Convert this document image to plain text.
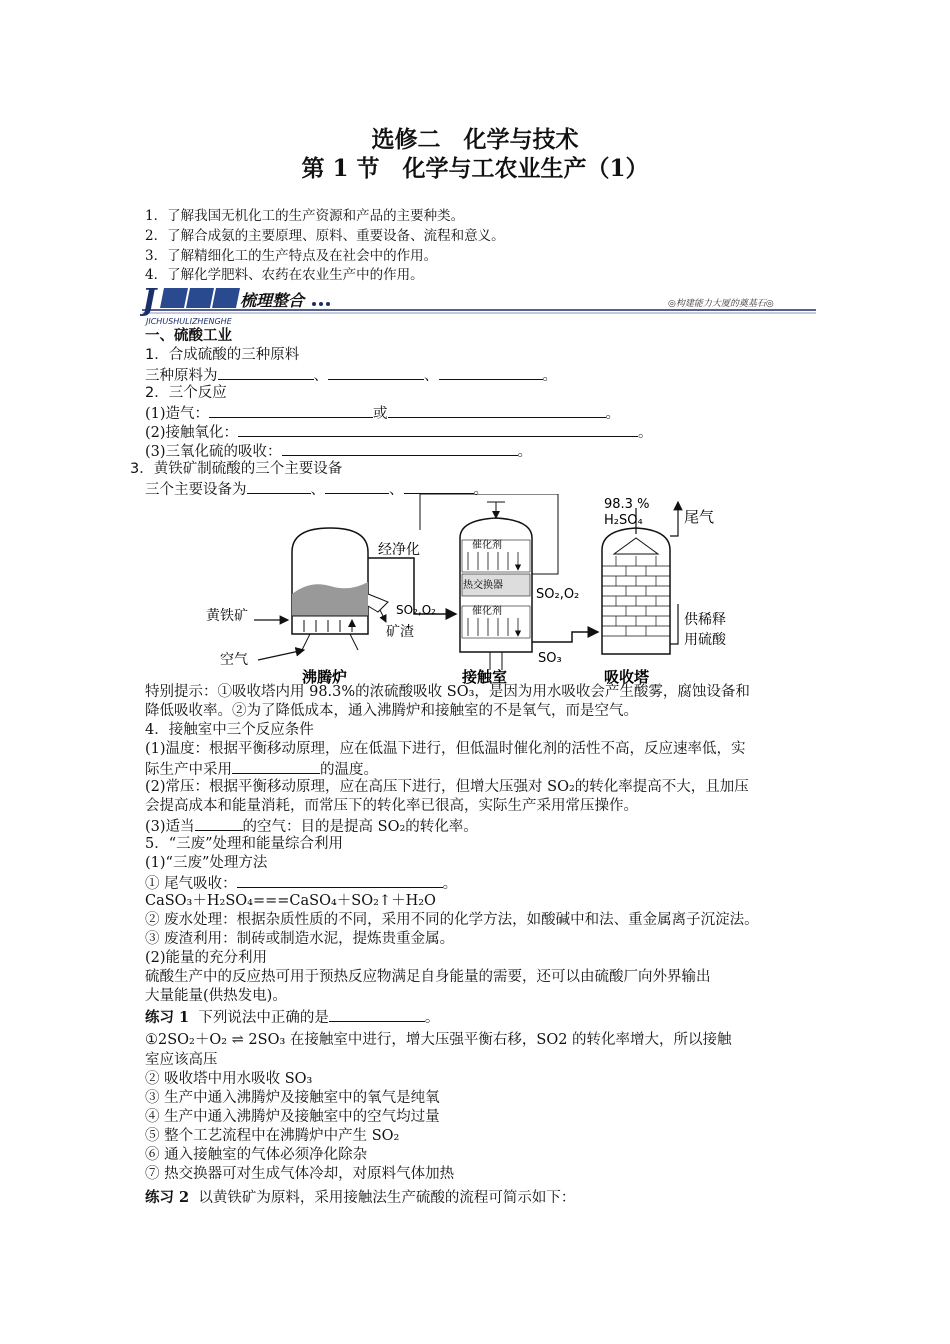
选修二　化学与技术
第 1 节　化学与工农业生产（1）
1．了解我国无机化工的生产资源和产品的主要种类。
2．了解合成氨的主要原理、原料、重要设备、流程和意义。
3．了解精细化工的生产特点及在社会中的作用。
4．了解化学肥料、农药在农业生产中的作用。
J	梳理整合
JICHUSHULIZHENGHE
◎构建能力大厦的奠基石◎
一、硫酸工业
1．合成硫酸的三种原料
三种原料为	、	、	。
2．三个反应
(1)造气：	或	。
(2)接触氧化：	。
(3)三氧化硫的吸收：	。
3．黄铁矿制硫酸的三个主要设备
三个主要设备为	、	、	。
黄铁矿
空气
矿渣
沸腾炉
经净化
SO₂,O₂
催化剂
热交换器
催化剂
SO₂,O₂
SO₃
接触室
98.3 %
H₂SO₄	尾气
供稀释
用硫酸
吸收塔
特别提示：①吸收塔内用 98.3%的浓硫酸吸收 SO₃，是因为用水吸收会产生酸雾，腐蚀设备和
降低吸收率。②为了降低成本，通入沸腾炉和接触室的不是氧气，而是空气。
4．接触室中三个反应条件
(1)温度：根据平衡移动原理，应在低温下进行，但低温时催化剂的活性不高，反应速率低，实
际生产中采用	的温度。
(2)常压：根据平衡移动原理，应在高压下进行，但增大压强对 SO₂的转化率提高不大，且加压
会提高成本和能量消耗，而常压下的转化率已很高，实际生产采用常压操作。
(3)适当	的空气：目的是提高 SO₂的转化率。
5．“三废”处理和能量综合利用
(1)“三废”处理方法
① 尾气吸收：	。
CaSO₃＋H₂SO₄===CaSO₄＋SO₂↑＋H₂O
② 废水处理：根据杂质性质的不同，采用不同的化学方法，如酸碱中和法、重金属离子沉淀法。
③ 废渣利用：制砖或制造水泥，提炼贵重金属。
(2)能量的充分利用
硫酸生产中的反应热可用于预热反应物满足自身能量的需要，还可以由硫酸厂向外界输出
大量能量(供热发电)。
练习 1 下列说法中正确的是	。
①2SO₂＋O₂ ⇌ 2SO₃ 在接触室中进行，增大压强平衡右移，SO2 的转化率增大，所以接触
室应该高压
② 吸收塔中用水吸收 SO₃
③ 生产中通入沸腾炉及接触室中的氧气是纯氧
④ 生产中通入沸腾炉及接触室中的空气均过量
⑤ 整个工艺流程中在沸腾炉中产生 SO₂
⑥ 通入接触室的气体必须净化除杂
⑦ 热交换器可对生成气体冷却，对原料气体加热
练习 2 以黄铁矿为原料，采用接触法生产硫酸的流程可简示如下：
